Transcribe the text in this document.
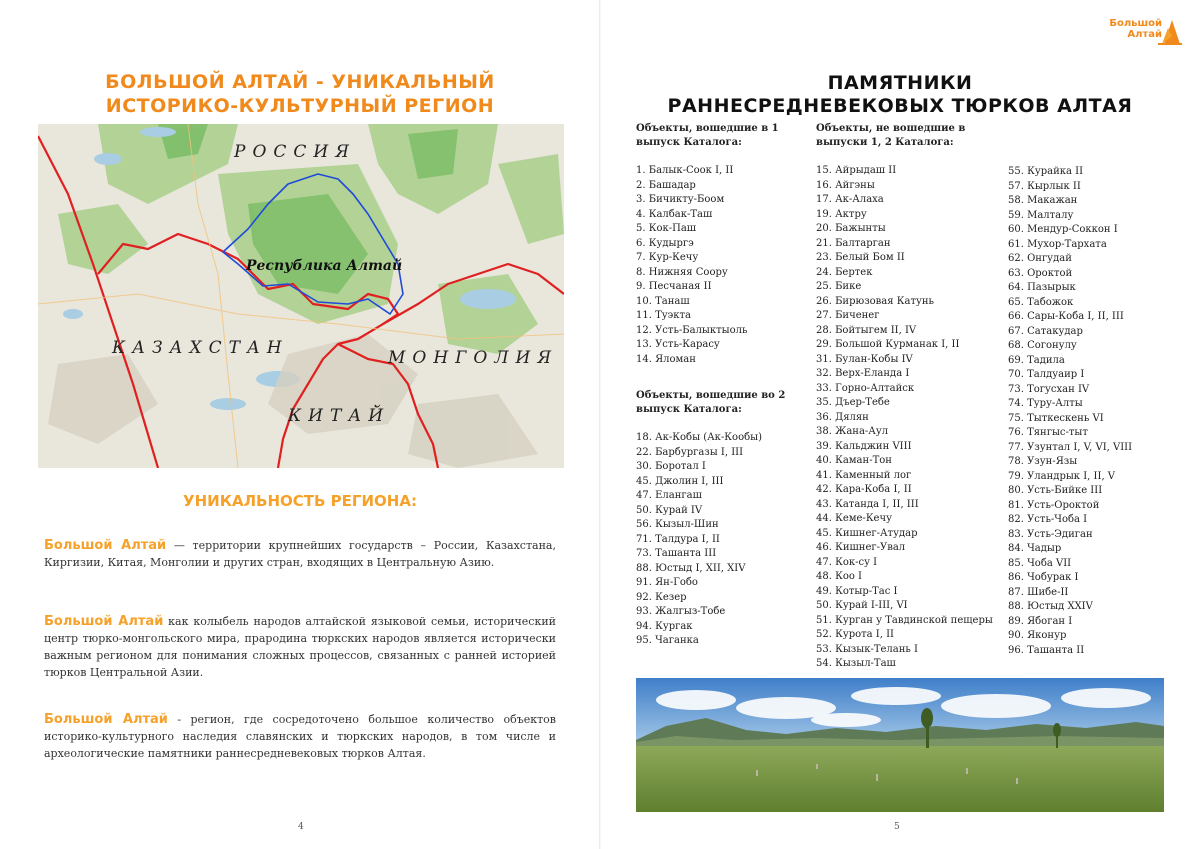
БОЛЬШОЙ АЛТАЙ - УНИКАЛЬНЫЙ
ИСТОРИКО-КУЛЬТУРНЫЙ РЕГИОН
РОССИЯ
Республика Алтай
КАЗАХСТАН	МОНГОЛИЯ
КИТАЙ
УНИКАЛЬНОСТЬ РЕГИОНА:
Большой Алтай — территории крупнейших государств – России, Казахстана, Киргизии, Китая, Монголии и других стран, входящих в Центральную Азию.
Большой Алтай как колыбель народов алтайской языковой семьи, исторический центр тюрко-монгольского мира, прародина тюркских народов является исторически важным регионом для понимания сложных процессов, связанных с ранней историей тюрков Центральной Азии.
Большой Алтай - регион, где сосредоточено большое количество объектов историко-культурного наследия славянских и тюркских народов, в том числе и археологические памятники раннесредневековых тюрков Алтая.
4
Большой
Алтай
ПАМЯТНИКИ
РАННЕСРЕДНЕВЕКОВЫХ ТЮРКОВ АЛТАЯ
Объекты, вошедшие в 1 выпуск Каталога:
1. Балык-Соок I, II
2. Башадар
3. Бичикту-Боом
4. Калбак-Таш
5. Кок-Паш
6. Кудыргэ
7. Кур-Кечу
8. Нижняя Соору
9. Песчаная II
10. Танаш
11. Туэкта
12. Усть-Балыктыоль
13. Усть-Карасу
14. Яломан
Объекты, вошедшие во 2 выпуск Каталога:
18. Ак-Кобы (Ак-Кообы)
22. Барбургазы I, III
30. Боротал I
45. Джолин I, III
47. Елангаш
50. Курай IV
56. Кызыл-Шин
71. Талдура I, II
73. Ташанта III
88. Юстыд I, XII, XIV
91. Ян-Гобо
92. Кезер
93. Жалгыз-Тобе
94. Кургак
95. Чаганка
Объекты, не вошедшие в выпуски 1, 2 Каталога:
15. Айрыдаш II
16. Айгэны
17. Ак-Алаха
19. Актру
20. Бажынты
21. Балтарган
23. Белый Бом II
24. Бертек
25. Бике
26. Бирюзовая Катунь
27. Биченег
28. Бойтыгем II, IV
29. Большой Курманак I, II
31. Булан-Кобы IV
32. Верх-Еланда I
33. Горно-Алтайск
35. Дъер-Тебе
36. Дялян
38. Жана-Аул
39. Кальджин VIII
40. Каман-Тон
41. Каменный лог
42. Кара-Коба I, II
43. Катанда I, II, III
44. Кеме-Кечу
45. Кишнег-Атудар
46. Кишнег-Увал
47. Кок-су I
48. Коо I
49. Котыр-Тас I
50. Курай I-III, VI
51. Курган у Тавдинской пещеры
52. Курота I, II
53. Кызык-Телань I
54. Кызыл-Таш
55. Курайка II
57. Кырлык II
58. Макажан
59. Малталу
60. Мендур-Соккон I
61. Мухор-Тархата
62. Онгудай
63. Ороктой
64. Пазырык
65. Табожок
66. Сары-Коба I, II, III
67. Сатакудар
68. Согонулу
69. Тадила
70. Талдуаир I
73. Тогусхан IV
74. Туру-Алты
75. Тыткескень VI
76. Тянгыс-тыт
77. Узунтал I, V, VI, VIII
78. Узун-Язы
79. Уландрык I, II, V
80. Усть-Бийке III
81. Усть-Ороктой
82. Усть-Чоба I
83. Усть-Эдиган
84. Чадыр
85. Чоба VII
86. Чобурак I
87. Шибе-II
88. Юстыд XXIV
89. Ябоган I
90. Яконур
96. Ташанта II
5
